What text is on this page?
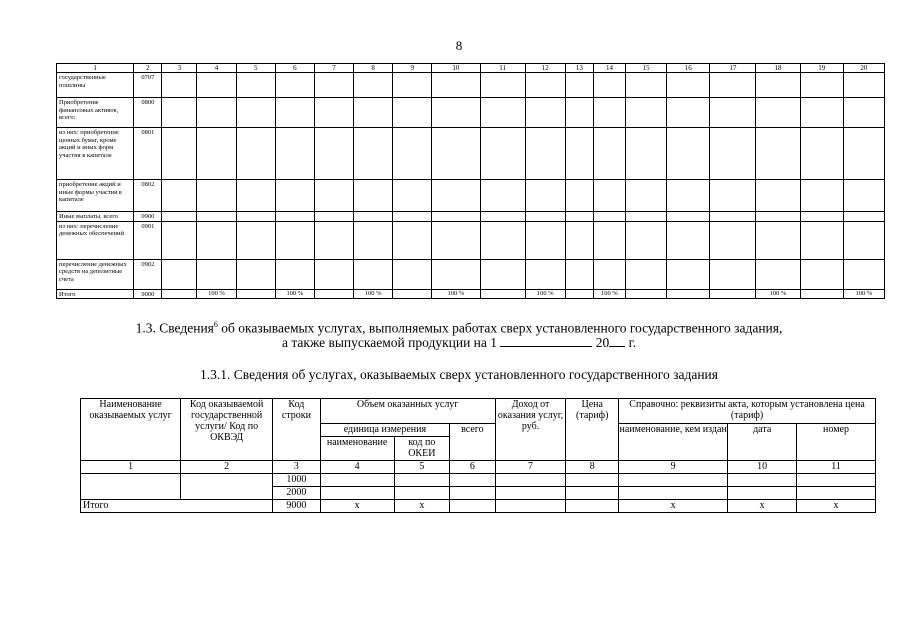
8
1	2	3	4	5	6	7	8	9	10	11	12	13	14	15	16	17	18	19	20
государственные пошлины	0707																		
Приобретение финансовых активов, всего:	0800																		
из них: приобретение ценных бумаг, кроме акций и иных форм участия в капитале	0801																		
приобретение акций и иные формы участия в капитале	0802																		
Иные выплаты, всего	0900																		
из них: перечисление денежных обеспечений	0901																		
перечисление денежных средств на депозитные счета	0902																		
Итого	9000		100 %		100 %		100 %		100 %		100 %		100 %				100 %		100 %
1.3. Сведения$^6$ об оказываемых услугах, выполняемых работах сверх установленного государственного задания,
а также выпускаемой продукции на 1	20 г.
1.3.1. Сведения об услугах, оказываемых сверх установленного государственного задания
Наименование оказываемых услуг	Код оказываемой государственной услуги/ Код по ОКВЭД	Код строки	Объем оказанных услуг			Доход от оказания услуг, руб.	Цена (тариф)	Справочно: реквизиты акта, которым установлена цена (тариф)		
			единица измерения		всего			наименование, кем издан	дата	номер
			наименование	код по ОКЕИ						
1	2	3	4	5	6	7	8	9	10	11
		1000								
		2000								
Итого		9000	x	x				x	x	x
